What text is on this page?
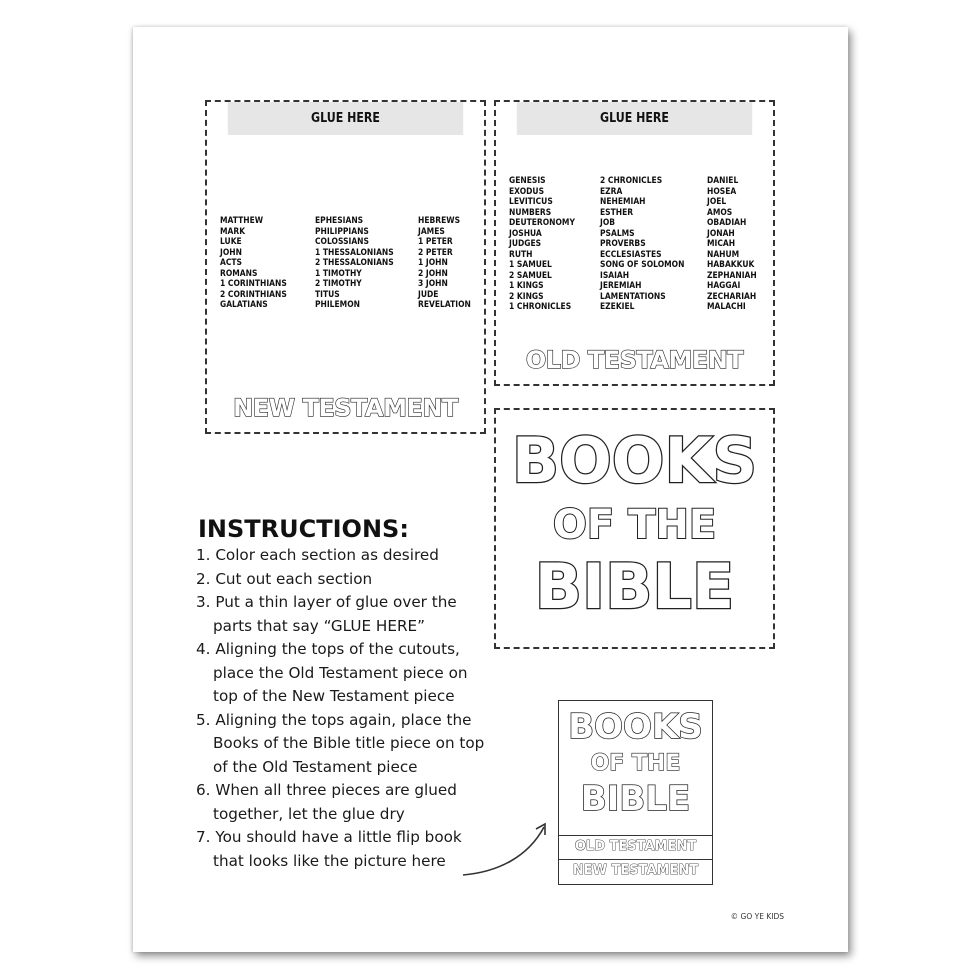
GLUE HERE
MATTHEW
MARK
LUKE
JOHN
ACTS
ROMANS
1 CORINTHIANS
2 CORINTHIANS
GALATIANS
EPHESIANS
PHILIPPIANS
COLOSSIANS
1 THESSALONIANS
2 THESSALONIANS
1 TIMOTHY
2 TIMOTHY
TITUS
PHILEMON
HEBREWS
JAMES
1 PETER
2 PETER
1 JOHN
2 JOHN
3 JOHN
JUDE
REVELATION
NEW TESTAMENT
GLUE HERE
GENESIS
EXODUS
LEVITICUS
NUMBERS
DEUTERONOMY
JOSHUA
JUDGES
RUTH
1 SAMUEL
2 SAMUEL
1 KINGS
2 KINGS
1 CHRONICLES
2 CHRONICLES
EZRA
NEHEMIAH
ESTHER
JOB
PSALMS
PROVERBS
ECCLESIASTES
SONG OF SOLOMON
ISAIAH
JEREMIAH
LAMENTATIONS
EZEKIEL
DANIEL
HOSEA
JOEL
AMOS
OBADIAH
JONAH
MICAH
NAHUM
HABAKKUK
ZEPHANIAH
HAGGAI
ZECHARIAH
MALACHI
OLD TESTAMENT
BOOKS
OF THE
BIBLE
INSTRUCTIONS:
1. Color each section as desired
2. Cut out each section
3. Put a thin layer of glue over the parts that say “GLUE HERE”
4. Aligning the tops of the cutouts, place the Old Testament piece on top of the New Testament piece
5. Aligning the tops again, place the Books of the Bible title piece on top of the Old Testament piece
6. When all three pieces are glued together, let the glue dry
7. You should have a little flip book that looks like the picture here
BOOKS
OF THE
BIBLE
OLD TESTAMENT
NEW TESTAMENT
© GO YE KIDS
